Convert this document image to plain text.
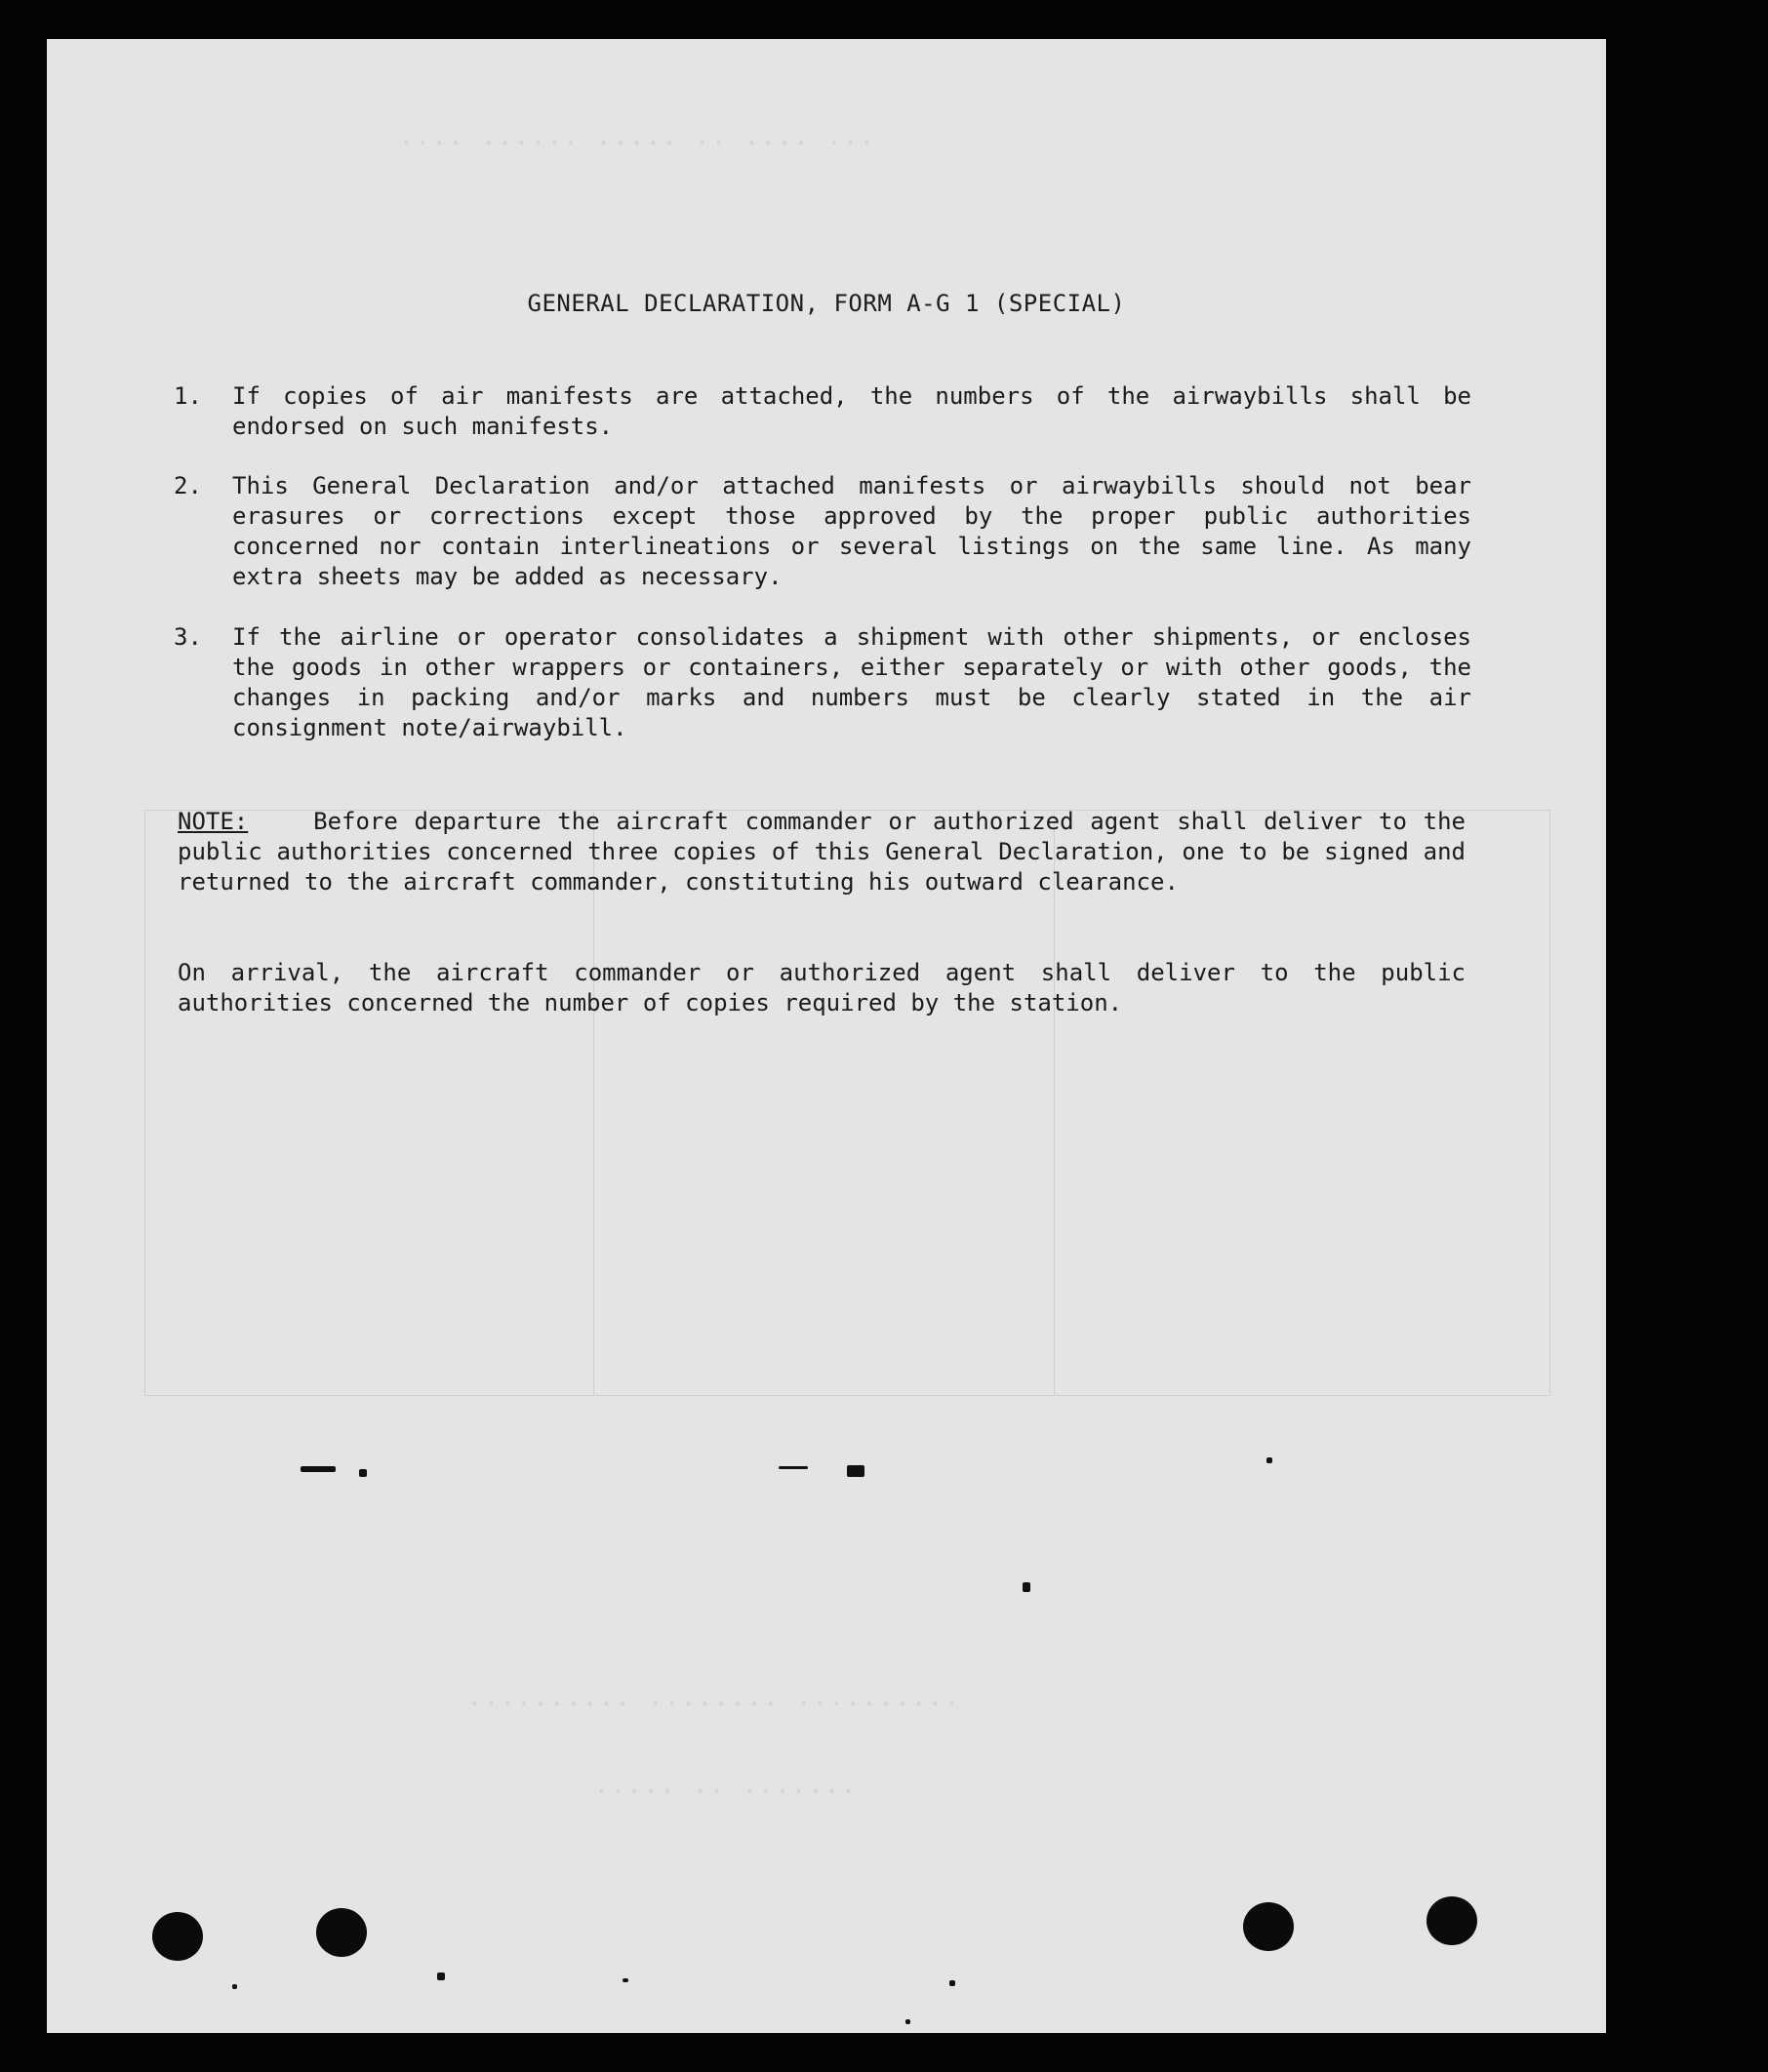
··· ···· ·· ····· ······ ····
·········· ········ ··········
······· ·· ·····
GENERAL DECLARATION, FORM A-G 1 (SPECIAL)
1.	If copies of air manifests are attached, the numbers of the airwaybills shall be endorsed on such manifests.
2.	This General Declaration and/or attached manifests or airwaybills should not bear erasures or corrections except those approved by the proper public authorities concerned nor contain interlineations or several listings on the same line. As many extra sheets may be added as necessary.
3.	If the airline or operator consolidates a shipment with other shipments, or encloses the goods in other wrappers or containers, either separately or with other goods, the changes in packing and/or marks and numbers must be clearly stated in the air consignment note/airwaybill.
NOTE:	Before departure the aircraft commander or authorized agent shall deliver to the public authorities concerned three copies of this General Declaration, one to be signed and returned to the aircraft commander, constituting his outward clearance.
On arrival, the aircraft commander or authorized agent shall deliver to the public authorities concerned the number of copies required by the station.
